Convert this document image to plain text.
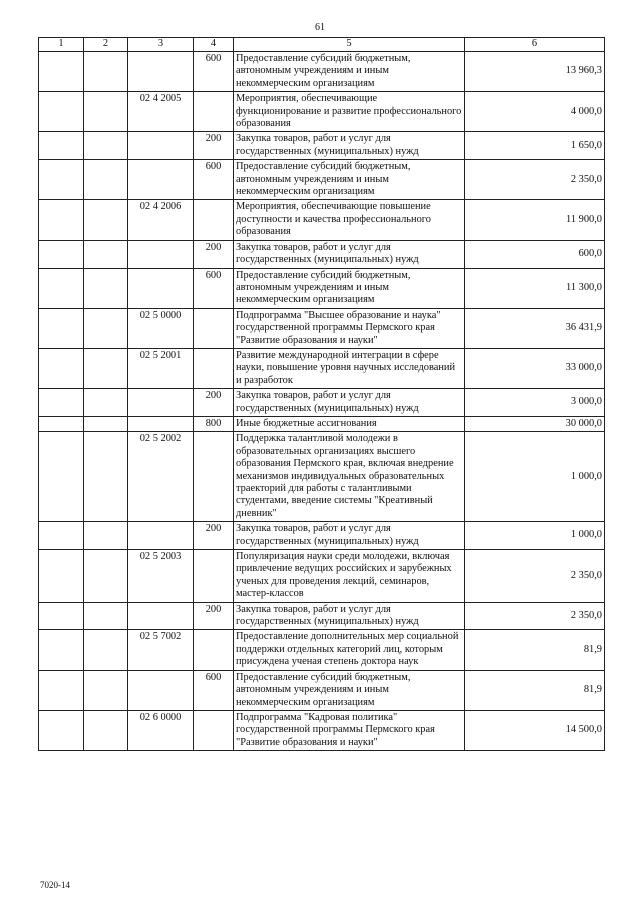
61
1	2	3	4	5	6
			600	Предоставление субсидий бюджетным, автономным учреждениям и иным некоммерческим организациям	13 960,3
		02 4 2005		Мероприятия, обеспечивающие функционирование и развитие профессионального образования	4 000,0
			200	Закупка товаров, работ и услуг для государственных (муниципальных) нужд	1 650,0
			600	Предоставление субсидий бюджетным, автономным учреждениям и иным некоммерческим организациям	2 350,0
		02 4 2006		Мероприятия, обеспечивающие повышение доступности и качества профессионального образования	11 900,0
			200	Закупка товаров, работ и услуг для государственных (муниципальных) нужд	600,0
			600	Предоставление субсидий бюджетным, автономным учреждениям и иным некоммерческим организациям	11 300,0
		02 5 0000		Подпрограмма "Высшее образование и наука" государственной программы Пермского края "Развитие образования и науки"	36 431,9
		02 5 2001		Развитие международной интеграции в сфере науки, повышение уровня научных исследований и разработок	33 000,0
			200	Закупка товаров, работ и услуг для государственных (муниципальных) нужд	3 000,0
			800	Иные бюджетные ассигнования	30 000,0
		02 5 2002		Поддержка талантливой молодежи в образовательных организациях высшего образования Пермского края, включая внедрение механизмов индивидуальных образовательных траекторий для работы с талантливыми студентами, введение системы "Креативный дневник"	1 000,0
			200	Закупка товаров, работ и услуг для государственных (муниципальных) нужд	1 000,0
		02 5 2003		Популяризация науки среди молодежи, включая привлечение ведущих российских и зарубежных ученых для проведения лекций, семинаров, мастер-классов	2 350,0
			200	Закупка товаров, работ и услуг для государственных (муниципальных) нужд	2 350,0
		02 5 7002		Предоставление дополнительных мер социальной поддержки отдельных категорий лиц, которым присуждена ученая степень доктора наук	81,9
			600	Предоставление субсидий бюджетным, автономным учреждениям и иным некоммерческим организациям	81,9
		02 6 0000		Подпрограмма "Кадровая политика" государственной программы Пермского края "Развитие образования и науки"	14 500,0
7020-14
